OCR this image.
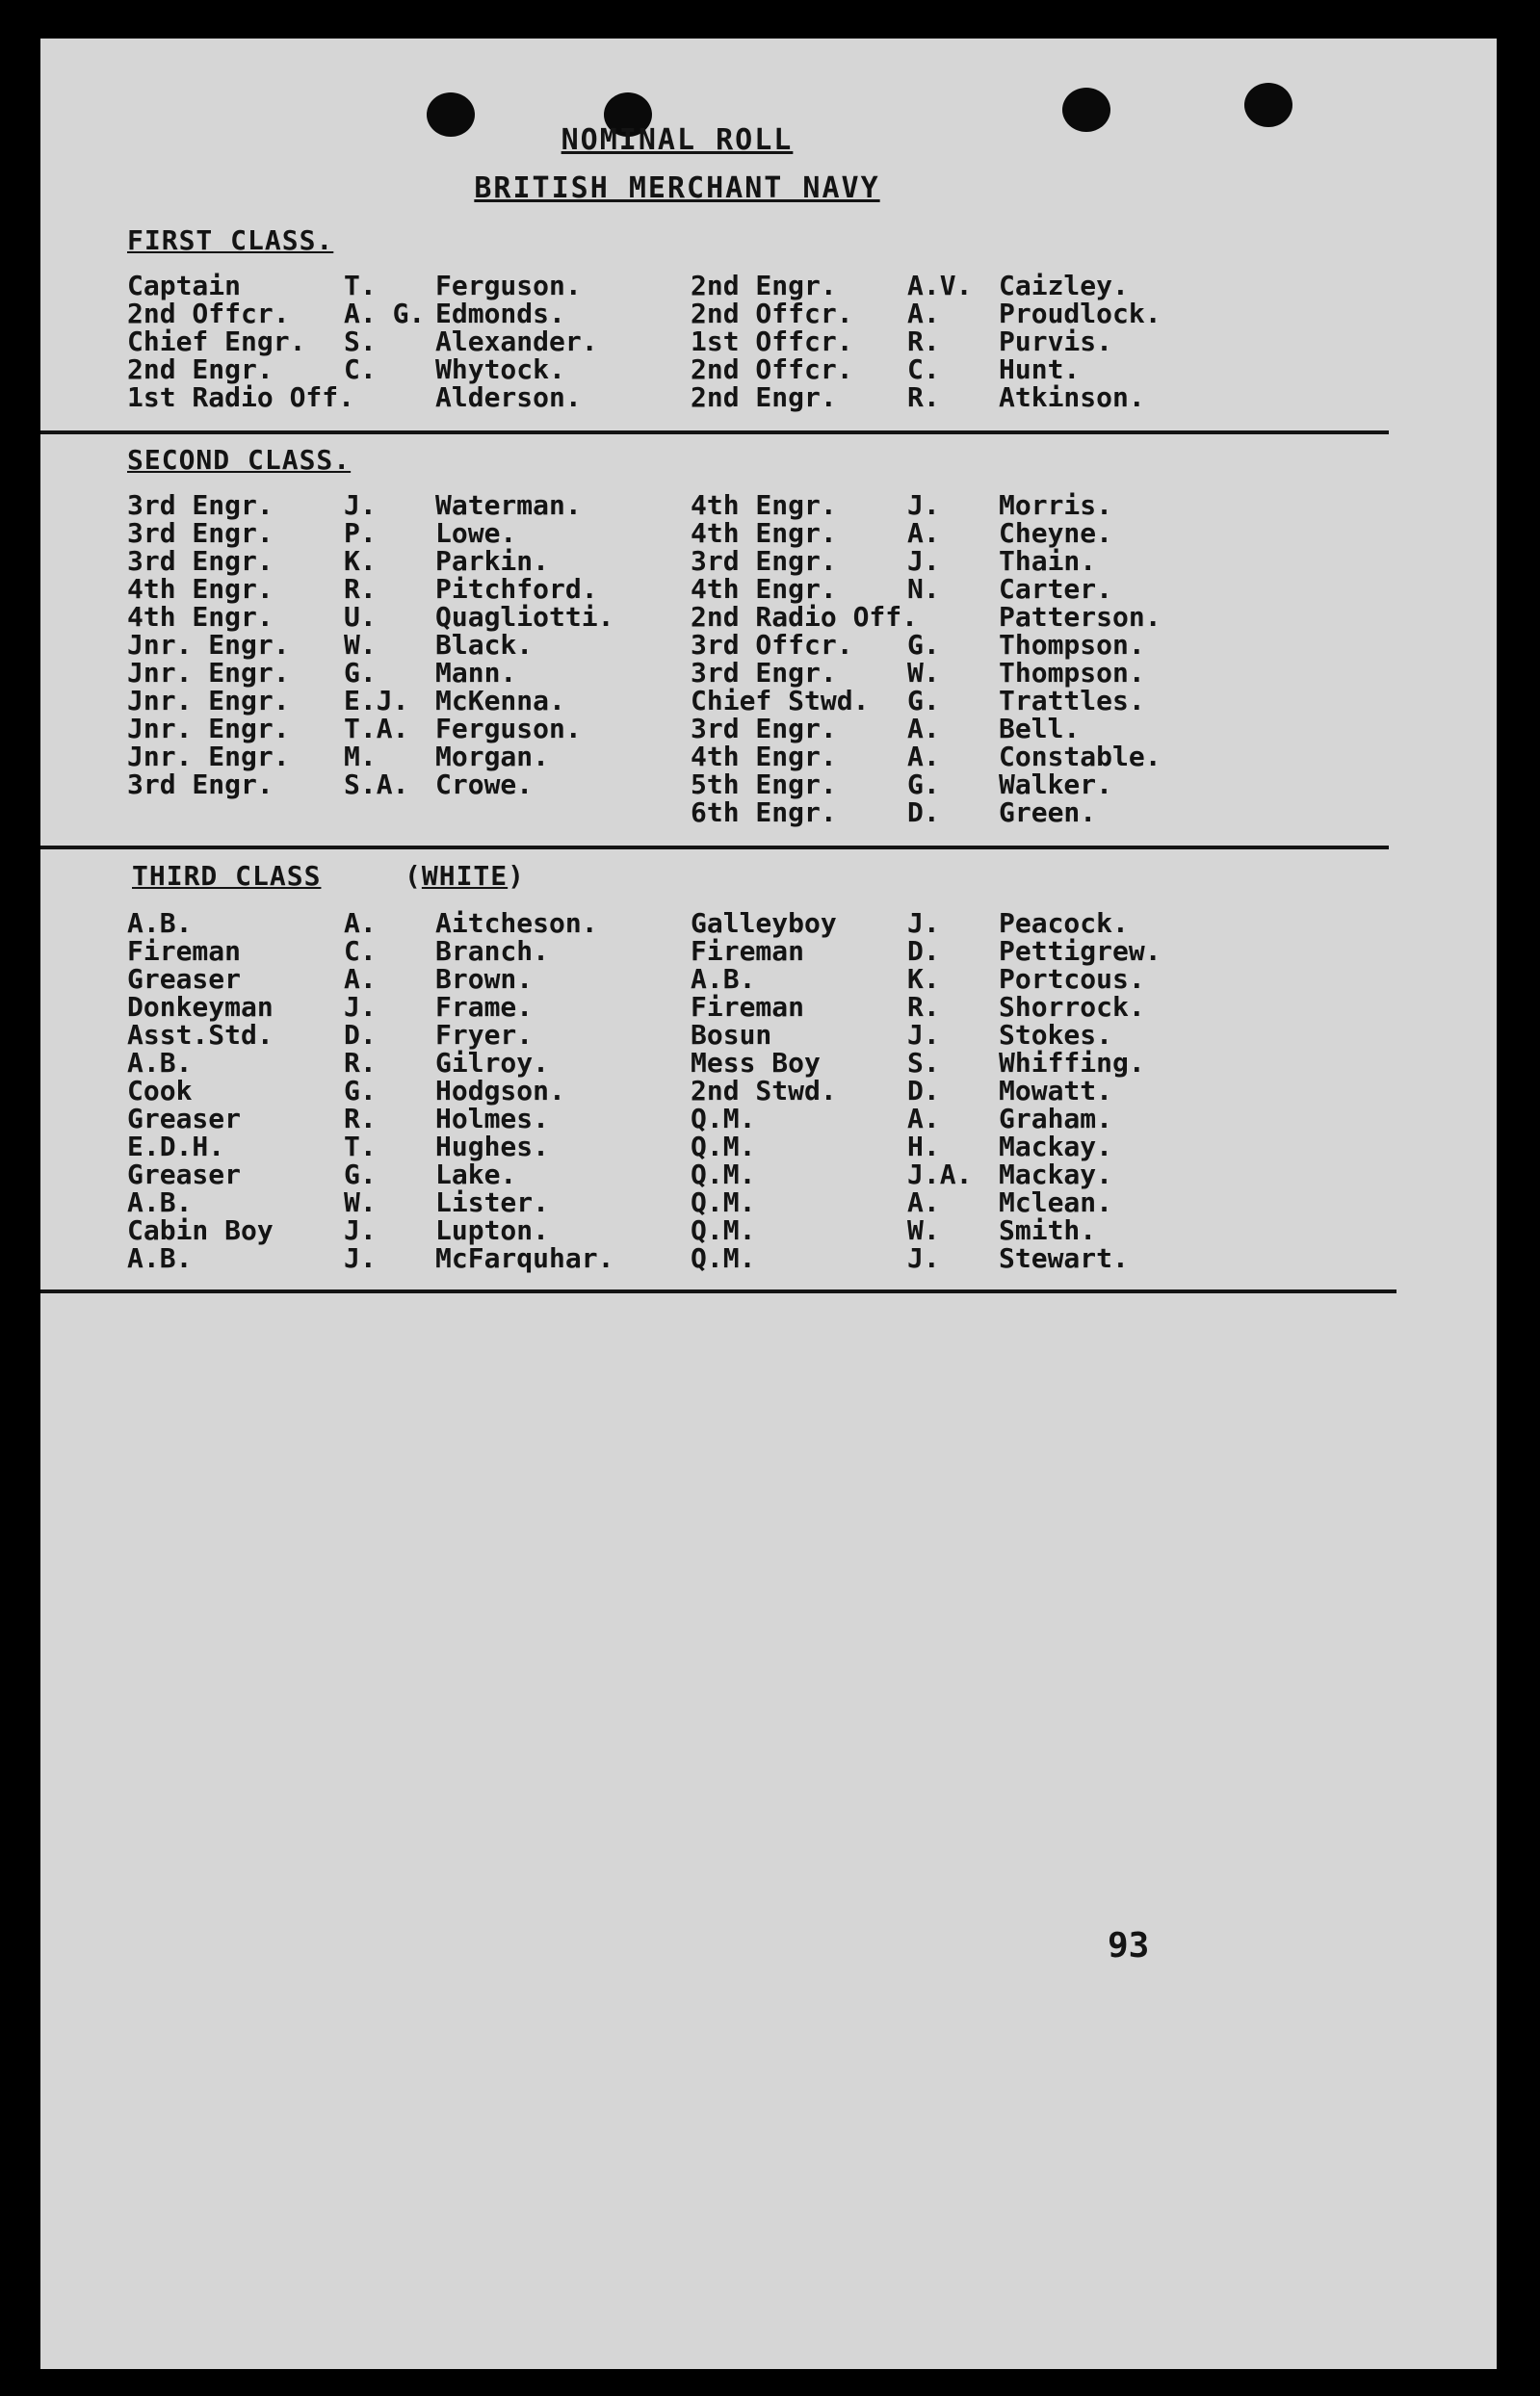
NOMINAL ROLL
BRITISH MERCHANT NAVY
FIRST CLASS.
Captain	T. Ferguson.	2nd Engr.	A.V. Caizley.
2nd Offcr. A. G. Edmonds.	2nd Offcr. A. Proudlock.
Chief Engr. S. Alexander.	1st Offcr. R. Purvis.
2nd Engr.	C. Whytock.	2nd Offcr. C. Hunt.
1st Radio Off.	Alderson.	2nd Engr.	R. Atkinson.
SECOND CLASS.
3rd Engr.	J. Waterman.	4th Engr.	J. Morris.
3rd Engr.	P. Lowe.	4th Engr.	A. Cheyne.
3rd Engr.	K. Parkin.	3rd Engr.	J. Thain.
4th Engr.	R. Pitchford.	4th Engr.	N. Carter.
4th Engr.	U. Quagliotti.	2nd Radio Off.	Patterson.
Jnr. Engr. W. Black.	3rd Offcr. G. Thompson.
Jnr. Engr. G. Mann.	3rd Engr.	W. Thompson.
Jnr. Engr. E.J. McKenna.	Chief Stwd. G. Trattles.
Jnr. Engr. T.A. Ferguson.	3rd Engr.	A. Bell.
Jnr. Engr. M. Morgan.	4th Engr.	A. Constable.
3rd Engr.	S.A. Crowe.	5th Engr.	G. Walker.
6th Engr.	D. Green.
THIRD CLASS	(WHITE)
A.B.	A. Aitcheson.	Galleyboy	J. Peacock.
Fireman	C. Branch.	Fireman	D. Pettigrew.
Greaser	A. Brown.	A.B.	K. Portcous.
Donkeyman	J. Frame.	Fireman	R. Shorrock.
Asst.Std.	D. Fryer.	Bosun	J. Stokes.
A.B.	R. Gilroy.	Mess Boy	S. Whiffing.
Cook	G. Hodgson.	2nd Stwd.	D. Mowatt.
Greaser	R. Holmes.	Q.M.	A. Graham.
E.D.H.	T. Hughes.	Q.M.	H. Mackay.
Greaser	G. Lake.	Q.M.	J.A. Mackay.
A.B.	W. Lister.	Q.M.	A. Mclean.
Cabin Boy	J. Lupton.	Q.M.	W. Smith.
A.B.	J. McFarquhar.	Q.M.	J. Stewart.
93
